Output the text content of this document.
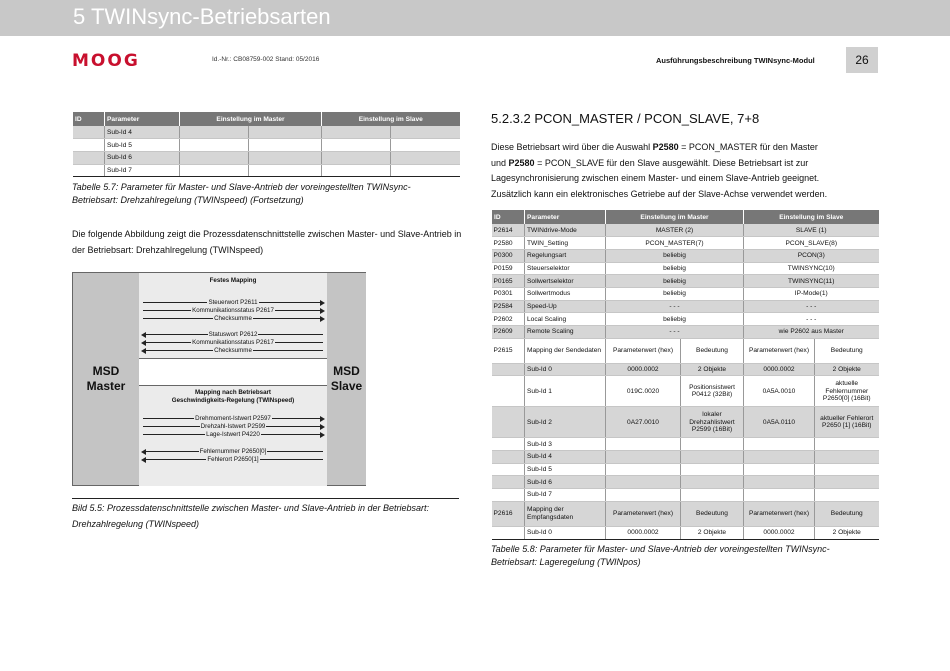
5 TWINsync-Betriebsarten
MOOG	Id.-Nr.: CB08759-002 Stand: 05/2016	Ausführungsbeschreibung TWINsync-Modul	26
ID	Parameter	Einstellung im Master		Einstellung im Slave	
	Sub-Id 4				
	Sub-Id 5				
	Sub-Id 6				
	Sub-Id 7				
Tabelle 5.7: Parameter für Master- und Slave-Antrieb der voreingestellten TWINsync- Betriebsart: Drehzahlregelung (TWINspeed) (Fortsetzung)
Die folgende Abbildung zeigt die Prozessdatenschnittstelle zwischen Master- und Slave-Antrieb in der Betriebsart: Drehzahlregelung (TWINspeed)
MSD
Master
MSD
Slave
Festes Mapping
Steuerwort P2611
Kommunikationsstatus P2617
Checksumme
Statuswort P2612
Kommunikationsstatus P2617
Checksumme
Mapping nach Betriebsart
Geschwindigkeits-Regelung (TWINspeed)
Drehmoment-Istwert P2597
Drehzahl-Istwert P2599
Lage-Istwert P4220
Fehlernummer P2650[0]
Fehlerort P2650[1]
Bild 5.5: Prozessdatenschnittstelle zwischen Master- und Slave-Antrieb in der Betriebsart: Drehzahlregelung (TWINspeed)
5.2.3.2 PCON_MASTER / PCON_SLAVE, 7+8
Diese Betriebsart wird über die Auswahl P2580 = PCON_MASTER für den Master
und P2580 = PCON_SLAVE für den Slave ausgewählt. Diese Betriebsart ist zur
Lagesynchronisierung zwischen einem Master- und einem Slave-Antrieb geeignet.
Zusätzlich kann ein elektronisches Getriebe auf der Slave-Achse verwendet werden.
ID	Parameter	Einstellung im Master		Einstellung im Slave	
P2614	TWINdrive-Mode	MASTER (2)		SLAVE (1)	
P2580	TWIN_Setting	PCON_MASTER(7)		PCON_SLAVE(8)	
P0300	Regelungsart	beliebig		PCON(3)	
P0159	Steuerselektor	beliebig		TWINSYNC(10)	
P0165	Sollwertselektor	beliebig		TWINSYNC(11)	
P0301	Sollwertmodus	beliebig		IP-Mode(1)	
P2584	Speed-Up	- - -		- - -	
P2602	Local Scaling	beliebig		- - -	
P2609	Remote Scaling	- - -		wie P2602 aus Master	
P2615	Mapping der Sendedaten	Parameterwert (hex)	Bedeutung	Parameterwert (hex)	Bedeutung
	Sub-Id 0	0000.0002	2 Objekte	0000.0002	2 Objekte
	Sub-Id 1	019C.0020	Positionsistwert P0412 (32Bit)	0A5A.0010	aktuelle Fehlernummer P2650[0] (16Bit)
	Sub-Id 2	0A27.0010	lokaler Drehzahlistwert P2599 (16Bit)	0A5A.0110	aktueller Fehlerort P2650 [1] (16Bit)
	Sub-Id 3				
	Sub-Id 4				
	Sub-Id 5				
	Sub-Id 6				
	Sub-Id 7				
P2616	Mapping der Empfangsdaten	Parameterwert (hex)	Bedeutung	Parameterwert (hex)	Bedeutung
	Sub-Id 0	0000.0002	2 Objekte	0000.0002	2 Objekte
Tabelle 5.8: Parameter für Master- und Slave-Antrieb der voreingestellten TWINsync- Betriebsart: Lageregelung (TWINpos)
